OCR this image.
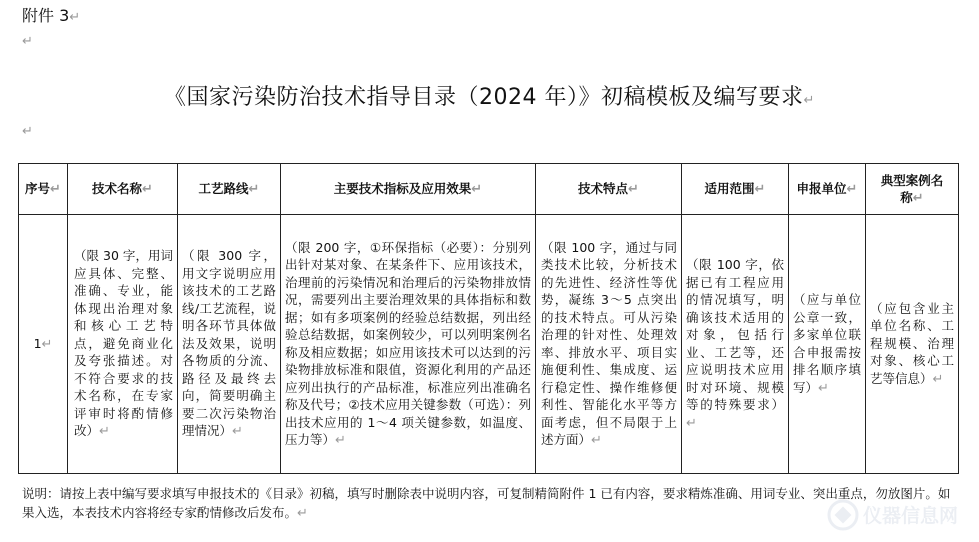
附件 3↵
↵
《国家污染防治技术指导目录（2024 年）》初稿模板及编写要求↵
↵
序号↵	技术名称↵	工艺路线↵	主要技术指标及应用效果↵	技术特点↵	适用范围↵	申报单位↵	典型案例名称↵
1↵	（限 30 字，用词应具体、完整、准确、专业，能体现出治理对象和核心工艺特点，避免商业化及夸张描述。对不符合要求的技术名称，在专家评审时将酌情修改）↵	（限 300 字，用文字说明应用该技术的工艺路线/工艺流程，说明各环节具体做法及效果，说明各物质的分流、路径及最终去向，简要明确主要二次污染物治理情况）↵	（限 200 字，①环保指标（必要）：分别列出针对某对象、在某条件下、应用该技术，治理前的污染情况和治理后的污染物排放情况，需要列出主要治理效果的具体指标和数据；如有多项案例的经验总结数据，列出经验总结数据，如案例较少，可以列明案例名称及相应数据；如应用该技术可以达到的污染物排放标准和限值，资源化利用的产品还应列出执行的产品标准，标准应列出准确名称及代号；②技术应用关键参数（可选）：列出技术应用的 1～4 项关键参数，如温度、压力等）↵	（限 100 字，通过与同类技术比较，分析技术的先进性、经济性等优势，凝练 3～5 点突出的技术特点。可从污染治理的针对性、处理效率、排放水平、项目实施便利性、集成度、运行稳定性、操作维修便利性、智能化水平等方面考虑，但不局限于上述方面）↵	（限 100 字，依据已有工程应用的情况填写，明确该技术适用的对象，包括行业、工艺等，还应说明技术应用时对环境、规模等的特殊要求）↵	（应与单位公章一致，多家单位联合申报需按排名顺序填写）↵	（应包含业主单位名称、工程规模、治理对象、核心工艺等信息）↵
说明：请按上表中编写要求填写申报技术的《目录》初稿，填写时删除表中说明内容，可复制精简附件 1 已有内容，要求精炼准确、用词专业、突出重点，勿放图片。如果入选，本表技术内容将经专家酌情修改后发布。↵	仪器信息网
